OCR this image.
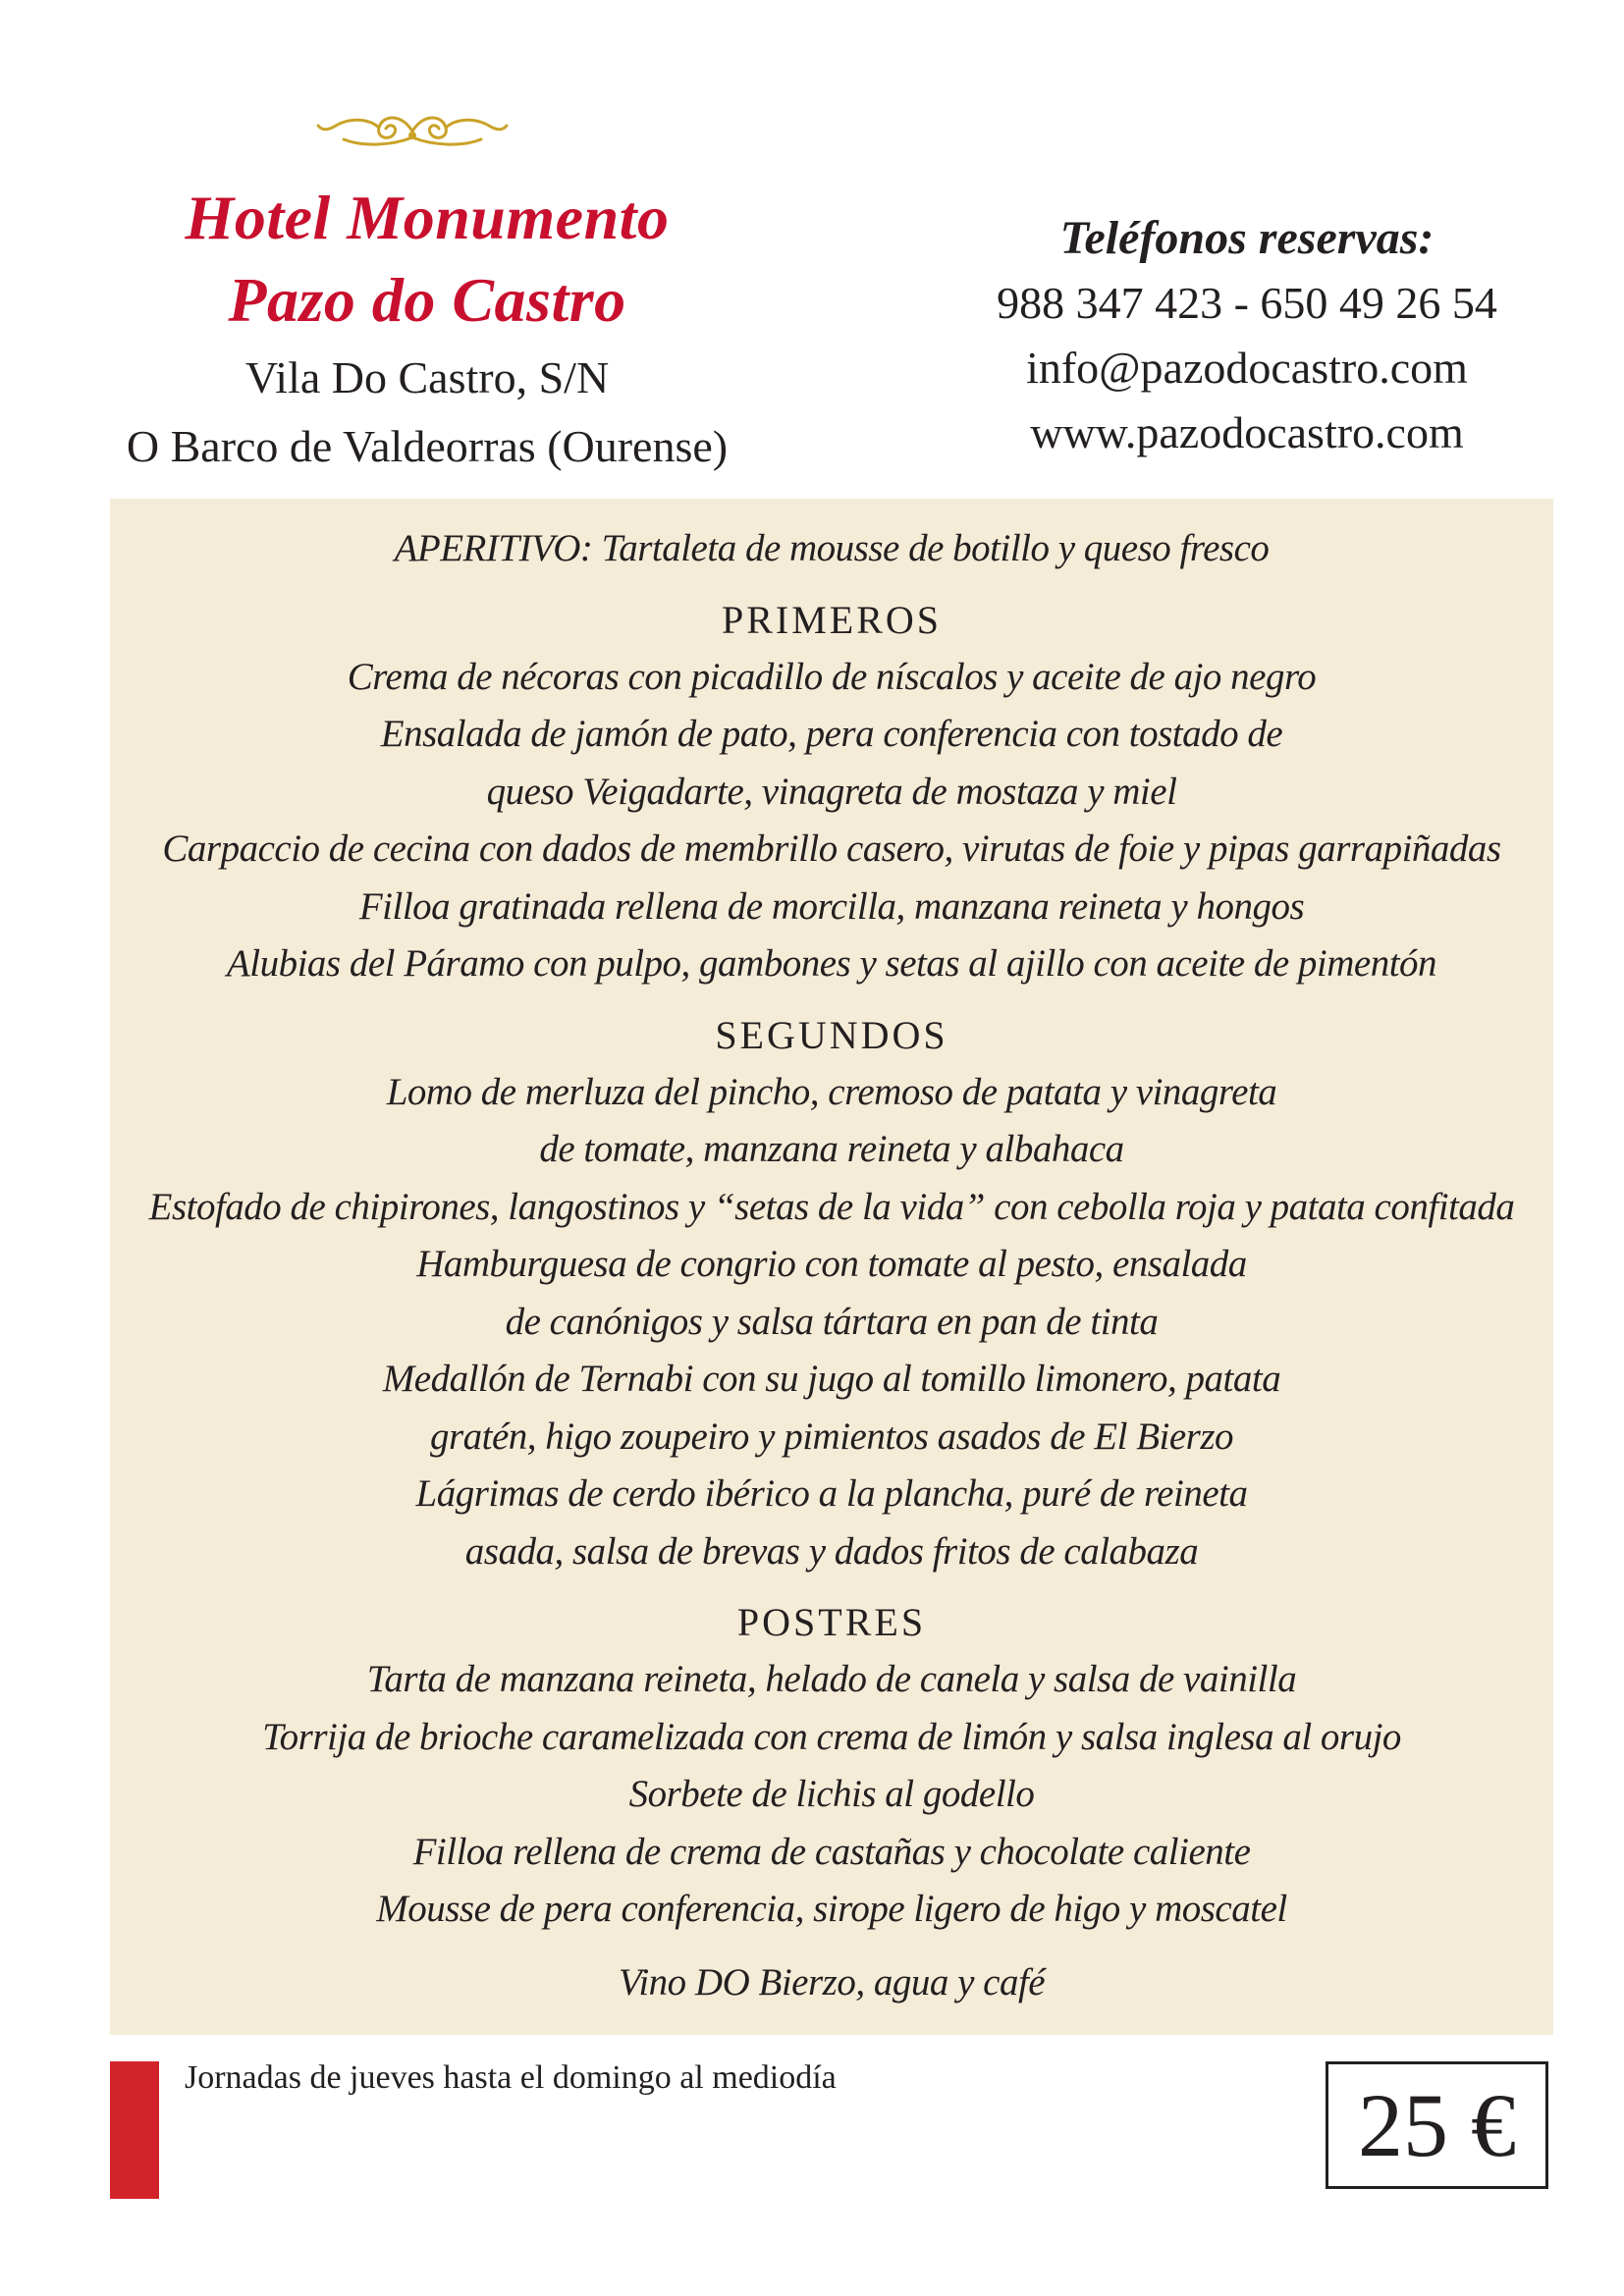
Hotel Monumento
Pazo do Castro
Vila Do Castro, S/N
O Barco de Valdeorras (Ourense)
Teléfonos reservas:
988 347 423 - 650 49 26 54
info@pazodocastro.com
www.pazodocastro.com
APERITIVO: Tartaleta de mousse de botillo y queso fresco
PRIMEROS
Crema de nécoras con picadillo de níscalos y aceite de ajo negro
Ensalada de jamón de pato, pera conferencia con tostado de
queso Veigadarte, vinagreta de mostaza y miel
Carpaccio de cecina con dados de membrillo casero, virutas de foie y pipas garrapiñadas
Filloa gratinada rellena de morcilla, manzana reineta y hongos
Alubias del Páramo con pulpo, gambones y setas al ajillo con aceite de pimentón
SEGUNDOS
Lomo de merluza del pincho, cremoso de patata y vinagreta
de tomate, manzana reineta y albahaca
Estofado de chipirones, langostinos y “setas de la vida” con cebolla roja y patata confitada
Hamburguesa de congrio con tomate al pesto, ensalada
de canónigos y salsa tártara en pan de tinta
Medallón de Ternabi con su jugo al tomillo limonero, patata
gratén, higo zoupeiro y pimientos asados de El Bierzo
Lágrimas de cerdo ibérico a la plancha, puré de reineta
asada, salsa de brevas y dados fritos de calabaza
POSTRES
Tarta de manzana reineta, helado de canela y salsa de vainilla
Torrija de brioche caramelizada con crema de limón y salsa inglesa al orujo
Sorbete de lichis al godello
Filloa rellena de crema de castañas y chocolate caliente
Mousse de pera conferencia, sirope ligero de higo y moscatel
Vino DO Bierzo, agua y café
Jornadas de jueves hasta el domingo al mediodía	25 €
